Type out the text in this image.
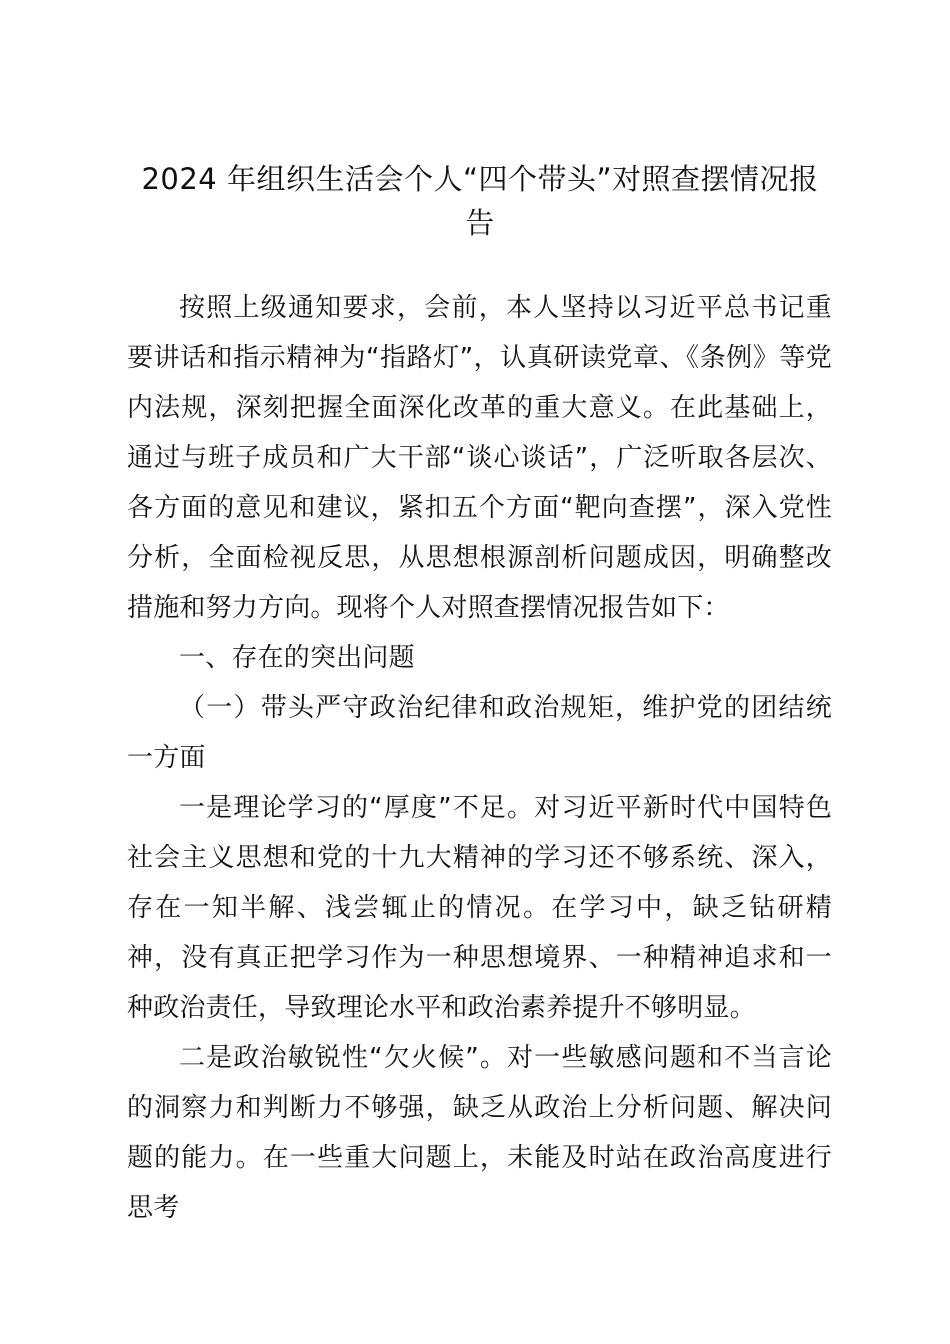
2024 年组织生活会个人“四个带头”对照查摆情况报
告

按照上级通知要求，会前，本人坚持以习近平总书记重要讲话和指示精神为“指路灯”，认真研读党章、《条例》等党内法规，深刻把握全面深化改革的重大意义。在此基础上，通过与班子成员和广大干部“谈心谈话”，广泛听取各层次、各方面的意见和建议，紧扣五个方面“靶向查摆”，深入党性分析，全面检视反思，从思想根源剖析问题成因，明确整改措施和努力方向。现将个人对照查摆情况报告如下：

一、存在的突出问题

（一）带头严守政治纪律和政治规矩，维护党的团结统一方面

一是理论学习的“厚度”不足。对习近平新时代中国特色社会主义思想和党的十九大精神的学习还不够系统、深入，存在一知半解、浅尝辄止的情况。在学习中，缺乏钻研精神，没有真正把学习作为一种思想境界、一种精神追求和一种政治责任，导致理论水平和政治素养提升不够明显。

二是政治敏锐性“欠火候”。对一些敏感问题和不当言论的洞察力和判断力不够强，缺乏从政治上分析问题、解决问题的能力。在一些重大问题上，未能及时站在政治高度进行思考
